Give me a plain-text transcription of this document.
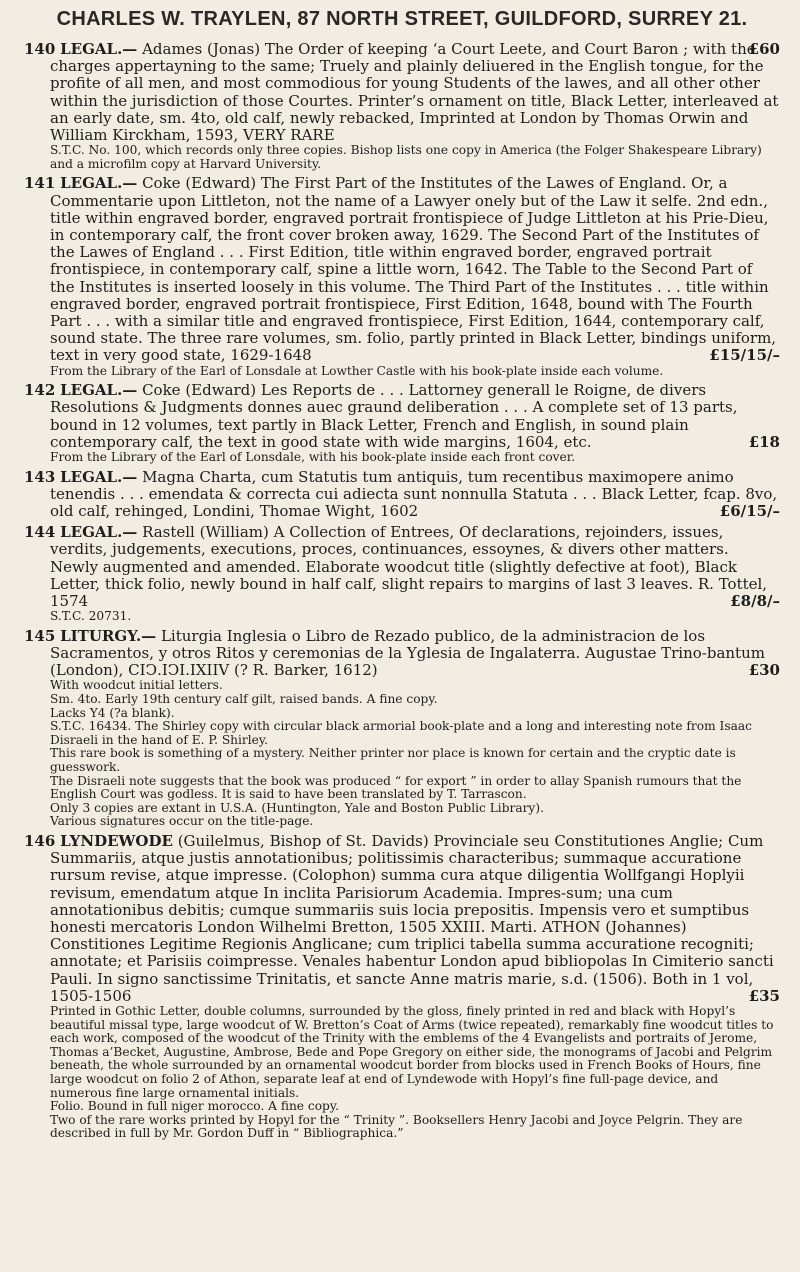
CHARLES W. TRAYLEN, 87 NORTH STREET, GUILDFORD, SURREY 21.

£60
140 LEGAL.— Adames (Jonas) The Order of keeping ‘a Court Leete, and Court Baron ; with the charges appertayning to the same; Truely and plainly deliuered in the English tongue, for the profite of all men, and most commodious for young Students of the lawes, and all other other within the jurisdiction of those Courtes. Printer’s ornament on title, Black Letter, interleaved at an early date, sm. 4to, old calf, newly rebacked, Imprinted at London by Thomas Orwin and William Kirckham, 1593, VERY RARE

S.T.C. No. 100, which records only three copies. Bishop lists one copy in America (the Folger Shakespeare Library) and a microfilm copy at Harvard University.

141 LEGAL.— Coke (Edward) The First Part of the Institutes of the Lawes of England. Or, a Commentarie upon Littleton, not the name of a Lawyer onely but of the Law it selfe. 2nd edn., title within engraved border, engraved portrait frontispiece of Judge Littleton at his Prie-Dieu, in contemporary calf, the front cover broken away, 1629. The Second Part of the Institutes of the Lawes of England . . . First Edition, title within engraved border, engraved portrait frontispiece, in contemporary calf, spine a little worn, 1642. The Table to the Second Part of the Institutes is inserted loosely in this volume. The Third Part of the Institutes . . . title within engraved border, engraved portrait frontispiece, First Edition, 1648, bound with The Fourth Part . . . with a similar title and engraved frontispiece, First Edition, 1644, contemporary calf, sound state. The three rare volumes, sm. folio, partly printed in Black Letter, bindings uniform, text in very good state, 1629-1648	£15/15/–

From the Library of the Earl of Lonsdale at Lowther Castle with his book-plate inside each volume.

142 LEGAL.— Coke (Edward) Les Reports de . . . Lattorney generall le Roigne, de divers Resolutions & Judgments donnes auec graund deliberation . . . A complete set of 13 parts, bound in 12 volumes, text partly in Black Letter, French and English, in sound plain contemporary calf, the text in good state with wide margins, 1604, etc.	£18

From the Library of the Earl of Lonsdale, with his book-plate inside each front cover.

143 LEGAL.— Magna Charta, cum Statutis tum antiquis, tum recentibus maximopere animo tenendis . . . emendata & correcta cui adiecta sunt nonnulla Statuta . . . Black Letter, fcap. 8vo, old calf, rehinged, Londini, Thomae Wight, 1602	£6/15/–

144 LEGAL.— Rastell (William) A Collection of Entrees, Of declarations, rejoinders, issues, verdits, judgements, executions, proces, continuances, essoynes, & divers other matters. Newly augmented and amended. Elaborate woodcut title (slightly defective at foot), Black Letter, thick folio, newly bound in half calf, slight repairs to margins of last 3 leaves. R. Tottel, 1574	£8/8/–

S.T.C. 20731.

145 LITURGY.— Liturgia Inglesia o Libro de Rezado publico, de la administracion de los Sacramentos, y otros Ritos y ceremonias de la Yglesia de Ingalaterra. Augustae Trino-bantum (London), CIↃ.IↃI.IXIIV (? R. Barker, 1612)	£30

With woodcut initial letters.

Sm. 4to. Early 19th century calf gilt, raised bands. A fine copy.

Lacks Y4 (?a blank).

S.T.C. 16434. The Shirley copy with circular black armorial book-plate and a long and interesting note from Isaac Disraeli in the hand of E. P. Shirley.

This rare book is something of a mystery. Neither printer nor place is known for certain and the cryptic date is guesswork.

The Disraeli note suggests that the book was produced “ for export ” in order to allay Spanish rumours that the English Court was godless. It is said to have been translated by T. Tarrascon.

Only 3 copies are extant in U.S.A. (Huntington, Yale and Boston Public Library).

Various signatures occur on the title-page.

146 LYNDEWODE (Guilelmus, Bishop of St. Davids) Provinciale seu Constitutiones Anglie; Cum Summariis, atque justis annotationibus; politissimis characteribus; summaque accuratione rursum revise, atque impresse. (Colophon) summa cura atque diligentia Wollfgangi Hoplyii revisum, emendatum atque In inclita Parisiorum Academia. Impres-sum; una cum annotationibus debitis; cumque summariis suis locia prepositis. Impensis vero et sumptibus honesti mercatoris London Wilhelmi Bretton, 1505 XXIII. Marti. ATHON (Johannes) Constitiones Legitime Regionis Anglicane; cum triplici tabella summa accuratione recogniti; annotate; et Parisiis coimpresse. Venales habentur London apud bibliopolas In Cimiterio sancti Pauli. In signo sanctissime Trinitatis, et sancte Anne matris marie, s.d. (1506). Both in 1 vol, 1505-1506	£35

Printed in Gothic Letter, double columns, surrounded by the gloss, finely printed in red and black with Hopyl’s beautiful missal type, large woodcut of W. Bretton’s Coat of Arms (twice repeated), remarkably fine woodcut titles to each work, composed of the woodcut of the Trinity with the emblems of the 4 Evangelists and portraits of Jerome, Thomas a’Becket, Augustine, Ambrose, Bede and Pope Gregory on either side, the monograms of Jacobi and Pelgrim beneath, the whole surrounded by an ornamental woodcut border from blocks used in French Books of Hours, fine large woodcut on folio 2 of Athon, separate leaf at end of Lyndewode with Hopyl’s fine full-page device, and numerous fine large ornamental initials.

Folio. Bound in full niger morocco. A fine copy.

Two of the rare works printed by Hopyl for the “ Trinity ”. Booksellers Henry Jacobi and Joyce Pelgrin. They are described in full by Mr. Gordon Duff in “ Bibliographica.”
